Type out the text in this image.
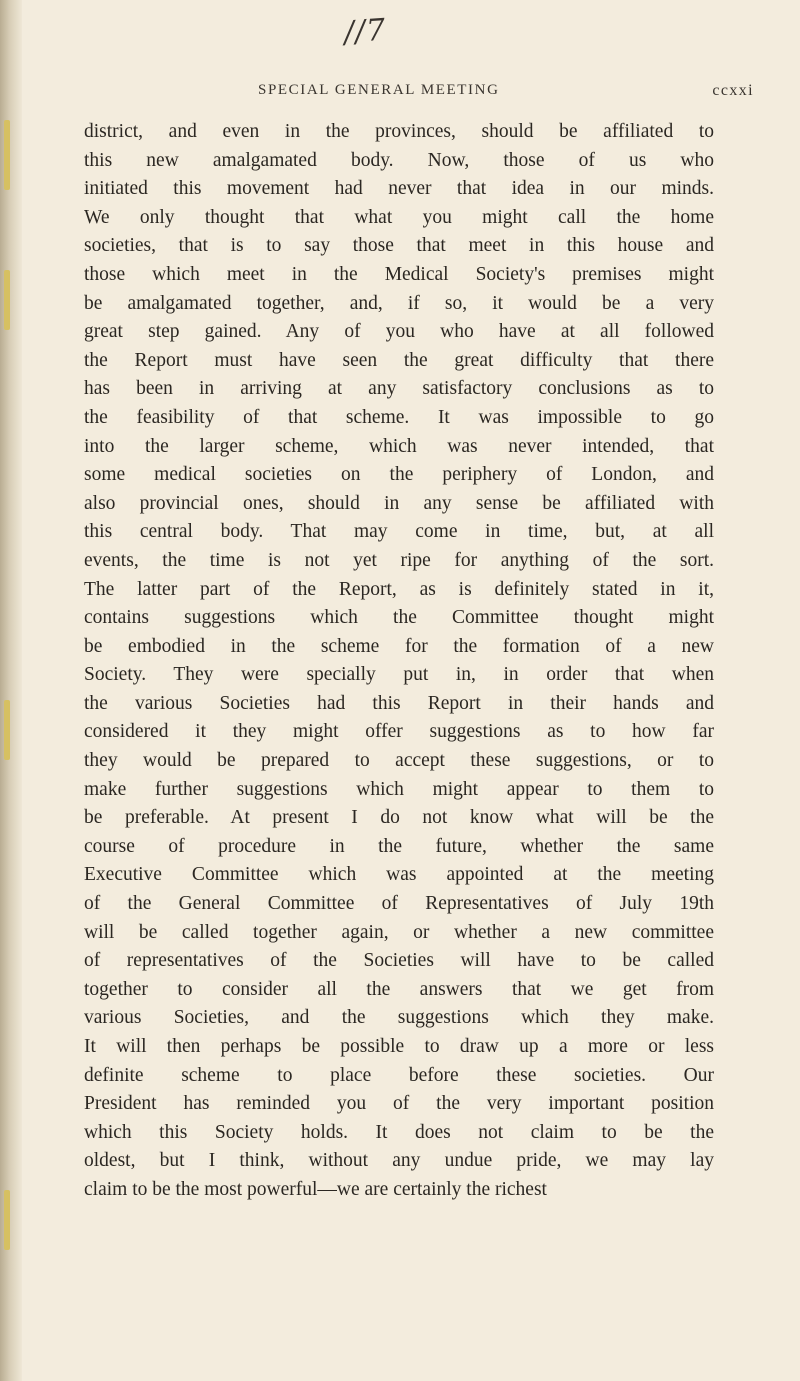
//7
SPECIAL GENERAL MEETING	ccxxi
district, and even in the provinces, should be affiliated to
this new amalgamated body. Now, those of us who
initiated this movement had never that idea in our minds.
We only thought that what you might call the home
societies, that is to say those that meet in this house and
those which meet in the Medical Society's premises might
be amalgamated together, and, if so, it would be a very
great step gained. Any of you who have at all followed
the Report must have seen the great difficulty that there
has been in arriving at any satisfactory conclusions as to
the feasibility of that scheme. It was impossible to go
into the larger scheme, which was never intended, that
some medical societies on the periphery of London, and
also provincial ones, should in any sense be affiliated with
this central body. That may come in time, but, at all
events, the time is not yet ripe for anything of the sort.
The latter part of the Report, as is definitely stated in it,
contains suggestions which the Committee thought might
be embodied in the scheme for the formation of a new
Society. They were specially put in, in order that when
the various Societies had this Report in their hands and
considered it they might offer suggestions as to how far
they would be prepared to accept these suggestions, or to
make further suggestions which might appear to them to
be preferable. At present I do not know what will be the
course of procedure in the future, whether the same
Executive Committee which was appointed at the meeting
of the General Committee of Representatives of July 19th
will be called together again, or whether a new committee
of representatives of the Societies will have to be called
together to consider all the answers that we get from
various Societies, and the suggestions which they make.
It will then perhaps be possible to draw up a more or less
definite scheme to place before these societies. Our
President has reminded you of the very important position
which this Society holds. It does not claim to be the
oldest, but I think, without any undue pride, we may lay
claim to be the most powerful—we are certainly the richest
